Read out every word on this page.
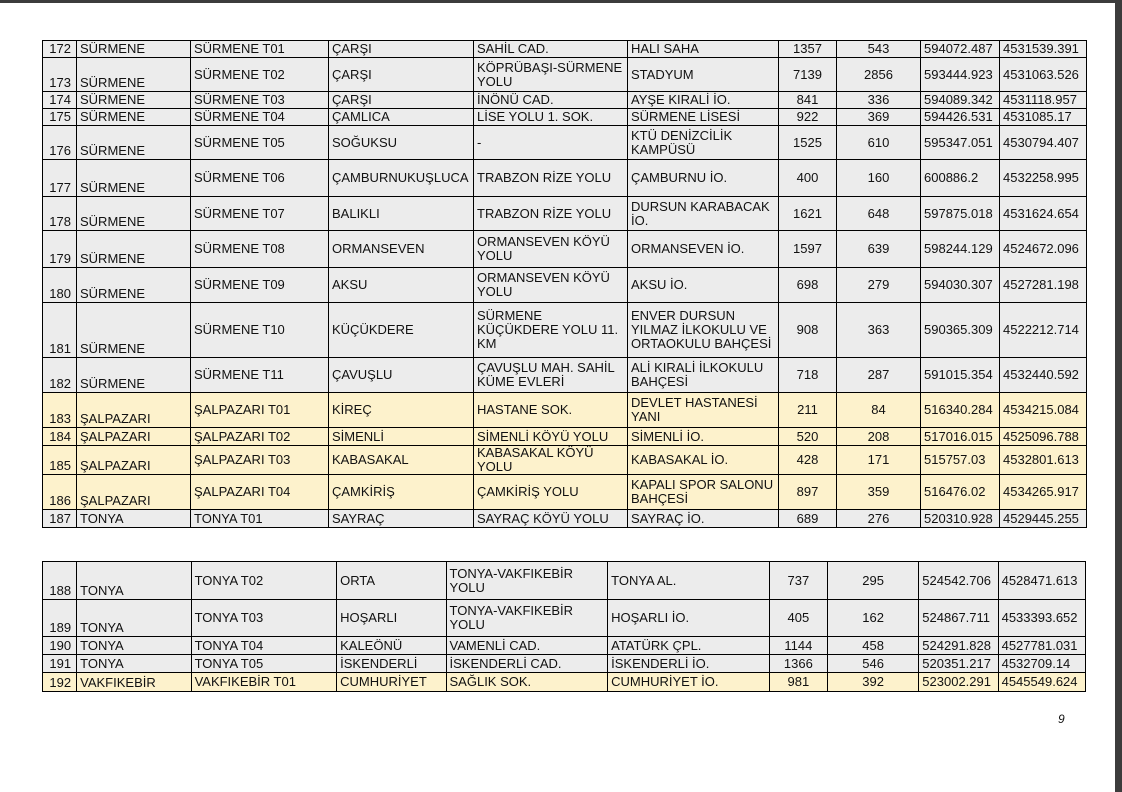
172	SÜRMENE	SÜRMENE T01	ÇARŞI	SAHİL CAD.	HALI SAHA	1357	543	594072.487	4531539.391
173	SÜRMENE	SÜRMENE T02	ÇARŞI	KÖPRÜBAŞI-SÜRMENE YOLU	STADYUM	7139	2856	593444.923	4531063.526
174	SÜRMENE	SÜRMENE T03	ÇARŞI	İNÖNÜ CAD.	AYŞE KIRALİ İO.	841	336	594089.342	4531118.957
175	SÜRMENE	SÜRMENE T04	ÇAMLICA	LİSE YOLU 1. SOK.	SÜRMENE LİSESİ	922	369	594426.531	4531085.17
176	SÜRMENE	SÜRMENE T05	SOĞUKSU	-	KTÜ DENİZCİLİK KAMPÜSÜ	1525	610	595347.051	4530794.407
177	SÜRMENE	SÜRMENE T06	ÇAMBURNUKUŞLUCA	TRABZON RİZE YOLU	ÇAMBURNU İO.	400	160	600886.2	4532258.995
178	SÜRMENE	SÜRMENE T07	BALIKLI	TRABZON RİZE YOLU	DURSUN KARABACAK İO.	1621	648	597875.018	4531624.654
179	SÜRMENE	SÜRMENE T08	ORMANSEVEN	ORMANSEVEN KÖYÜ YOLU	ORMANSEVEN İO.	1597	639	598244.129	4524672.096
180	SÜRMENE	SÜRMENE T09	AKSU	ORMANSEVEN KÖYÜ YOLU	AKSU İO.	698	279	594030.307	4527281.198
181	SÜRMENE	SÜRMENE T10	KÜÇÜKDERE	SÜRMENE KÜÇÜKDERE YOLU 11. KM	ENVER DURSUN YILMAZ İLKOKULU VE ORTAOKULU BAHÇESİ	908	363	590365.309	4522212.714
182	SÜRMENE	SÜRMENE T11	ÇAVUŞLU	ÇAVUŞLU MAH. SAHİL KÜME EVLERİ	ALİ KIRALİ İLKOKULU BAHÇESİ	718	287	591015.354	4532440.592
183	ŞALPAZARI	ŞALPAZARI T01	KİREÇ	HASTANE SOK.	DEVLET HASTANESİ YANI	211	84	516340.284	4534215.084
184	ŞALPAZARI	ŞALPAZARI T02	SİMENLİ	SİMENLİ KÖYÜ YOLU	SİMENLİ İO.	520	208	517016.015	4525096.788
185	ŞALPAZARI	ŞALPAZARI T03	KABASAKAL	KABASAKAL KÖYÜ YOLU	KABASAKAL İO.	428	171	515757.03	4532801.613
186	ŞALPAZARI	ŞALPAZARI T04	ÇAMKİRİŞ	ÇAMKİRİŞ YOLU	KAPALI SPOR SALONU BAHÇESİ	897	359	516476.02	4534265.917
187	TONYA	TONYA T01	SAYRAÇ	SAYRAÇ KÖYÜ YOLU	SAYRAÇ İO.	689	276	520310.928	4529445.255
188	TONYA	TONYA T02	ORTA	TONYA-VAKFIKEBİR YOLU	TONYA AL.	737	295	524542.706	4528471.613
189	TONYA	TONYA T03	HOŞARLI	TONYA-VAKFIKEBİR YOLU	HOŞARLI İO.	405	162	524867.711	4533393.652
190	TONYA	TONYA T04	KALEÖNÜ	VAMENLİ CAD.	ATATÜRK ÇPL.	1144	458	524291.828	4527781.031
191	TONYA	TONYA T05	İSKENDERLİ	İSKENDERLİ CAD.	İSKENDERLİ İO.	1366	546	520351.217	4532709.14
192	VAKFIKEBİR	VAKFIKEBİR T01	CUMHURİYET	SAĞLIK SOK.	CUMHURİYET İO.	981	392	523002.291	4545549.624
9
